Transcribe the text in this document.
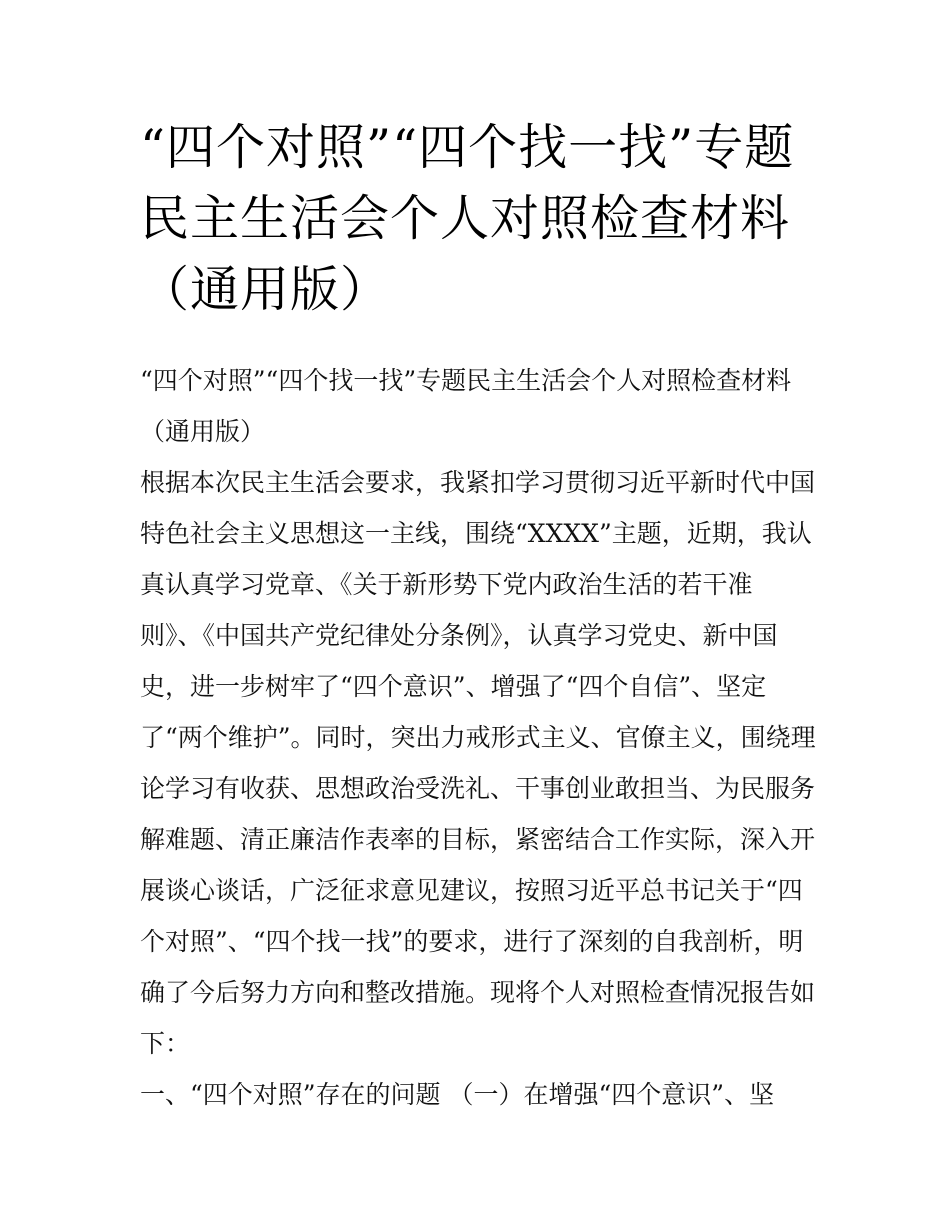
“四个对照”“四个找一找”专题
民主生活会个人对照检查材料
（通用版）
“四个对照”“四个找一找”专题民主生活会个人对照检查材料
（通用版）
根据本次民主生活会要求，我紧扣学习贯彻习近平新时代中国
特色社会主义思想这一主线，围绕“XXXX”主题，近期，我认
真认真学习党章、《关于新形势下党内政治生活的若干准
则》、《中国共产党纪律处分条例》，认真学习党史、新中国
史，进一步树牢了“四个意识”、增强了“四个自信”、坚定
了“两个维护”。同时，突出力戒形式主义、官僚主义，围绕理
论学习有收获、思想政治受洗礼、干事创业敢担当、为民服务
解难题、清正廉洁作表率的目标，紧密结合工作实际，深入开
展谈心谈话，广泛征求意见建议，按照习近平总书记关于“四
个对照”、“四个找一找”的要求，进行了深刻的自我剖析，明
确了今后努力方向和整改措施。现将个人对照检查情况报告如
下：
一、“四个对照”存在的问题 （一）在增强“四个意识”、坚
